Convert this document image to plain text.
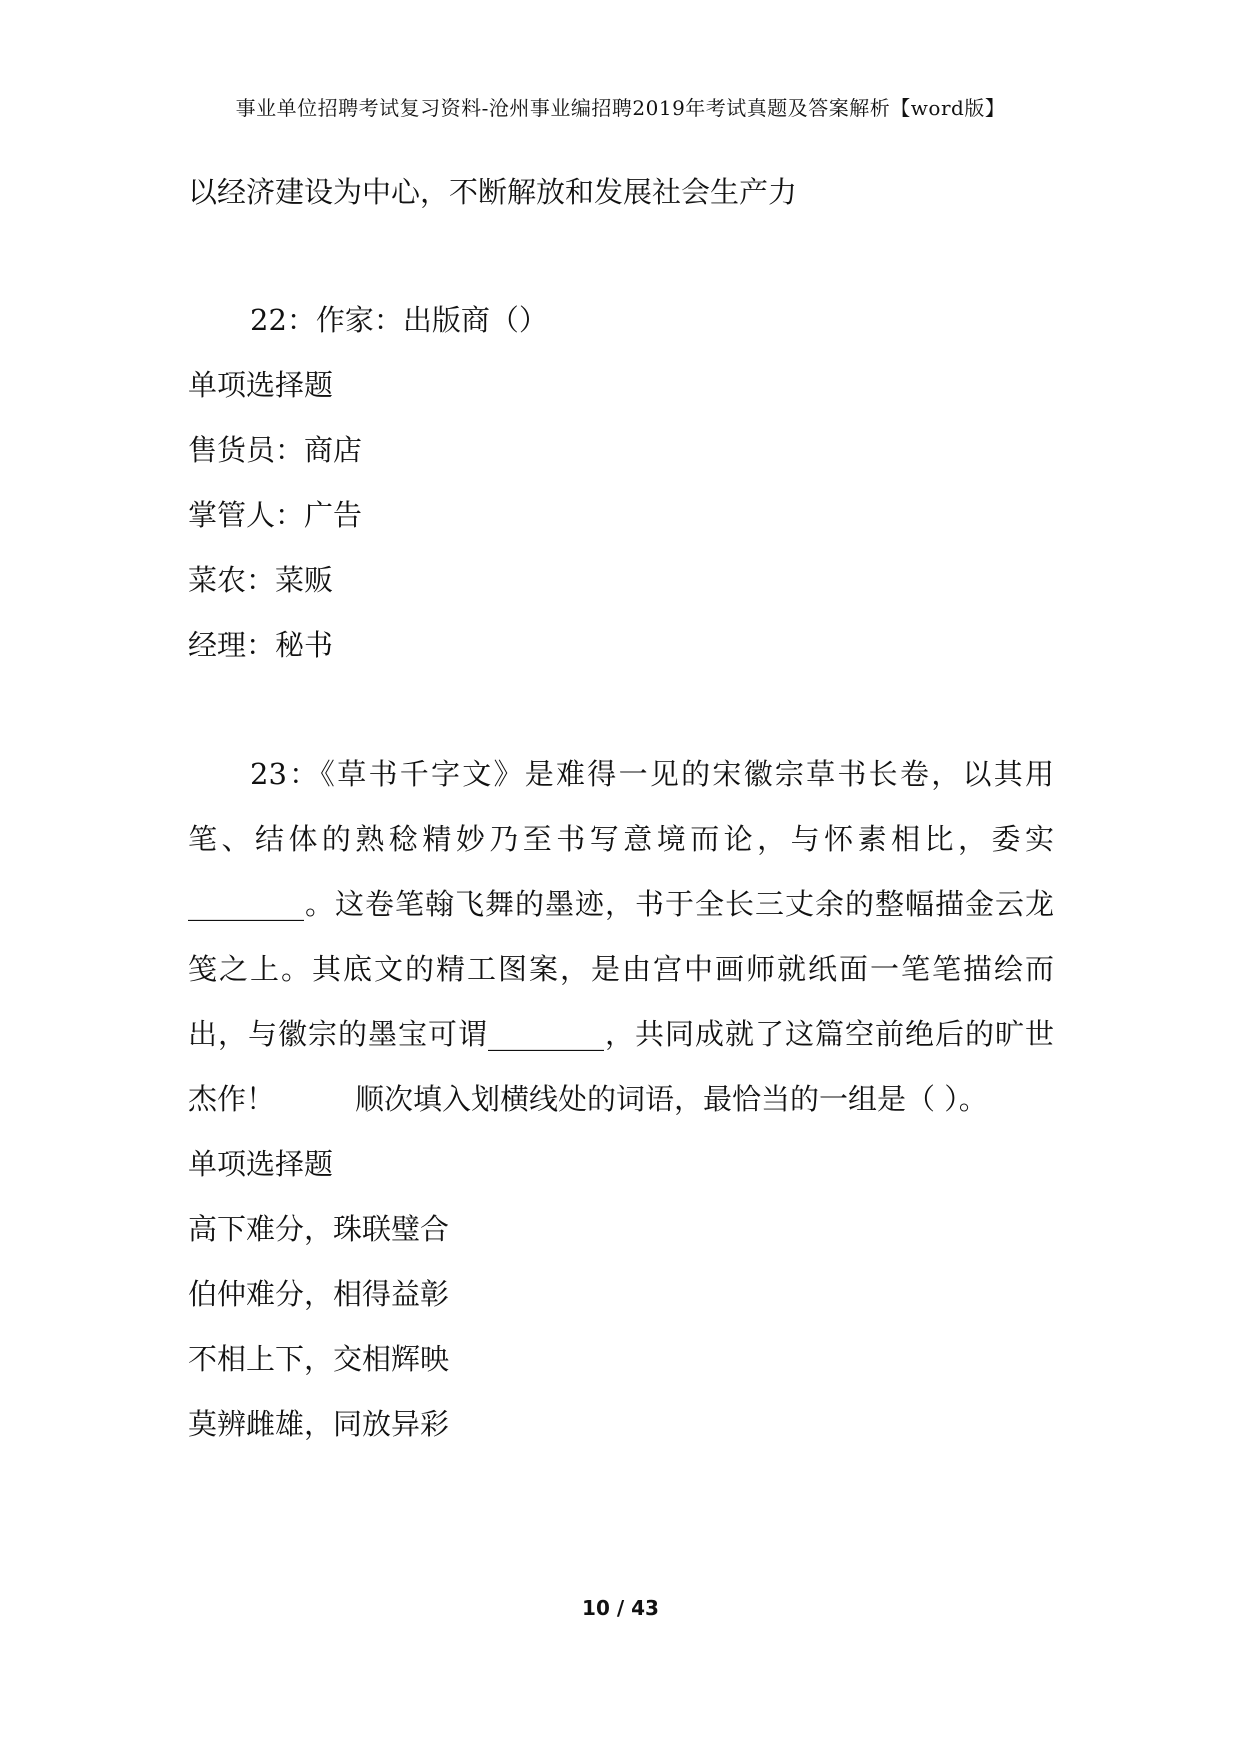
事业单位招聘考试复习资料-沧州事业编招聘2019年考试真题及答案解析【word版】
以经济建设为中心，不断解放和发展社会生产力
22：作家：出版商（）
单项选择题
售货员：商店
掌管人：广告
菜农：菜贩
经理：秘书
23：《草书千字文》是难得一见的宋徽宗草书长卷，以其用笔、结体的熟稔精妙乃至书写意境而论，与怀素相比，委实________。这卷笔翰飞舞的墨迹，书于全长三丈余的整幅描金云龙笺之上。其底文的精工图案，是由宫中画师就纸面一笔笔描绘而出，与徽宗的墨宝可谓________，共同成就了这篇空前绝后的旷世杰作！	顺次填入划横线处的词语，最恰当的一组是（ ）。
单项选择题
高下难分，珠联璧合
伯仲难分，相得益彰
不相上下，交相辉映
莫辨雌雄，同放异彩
10 / 43
